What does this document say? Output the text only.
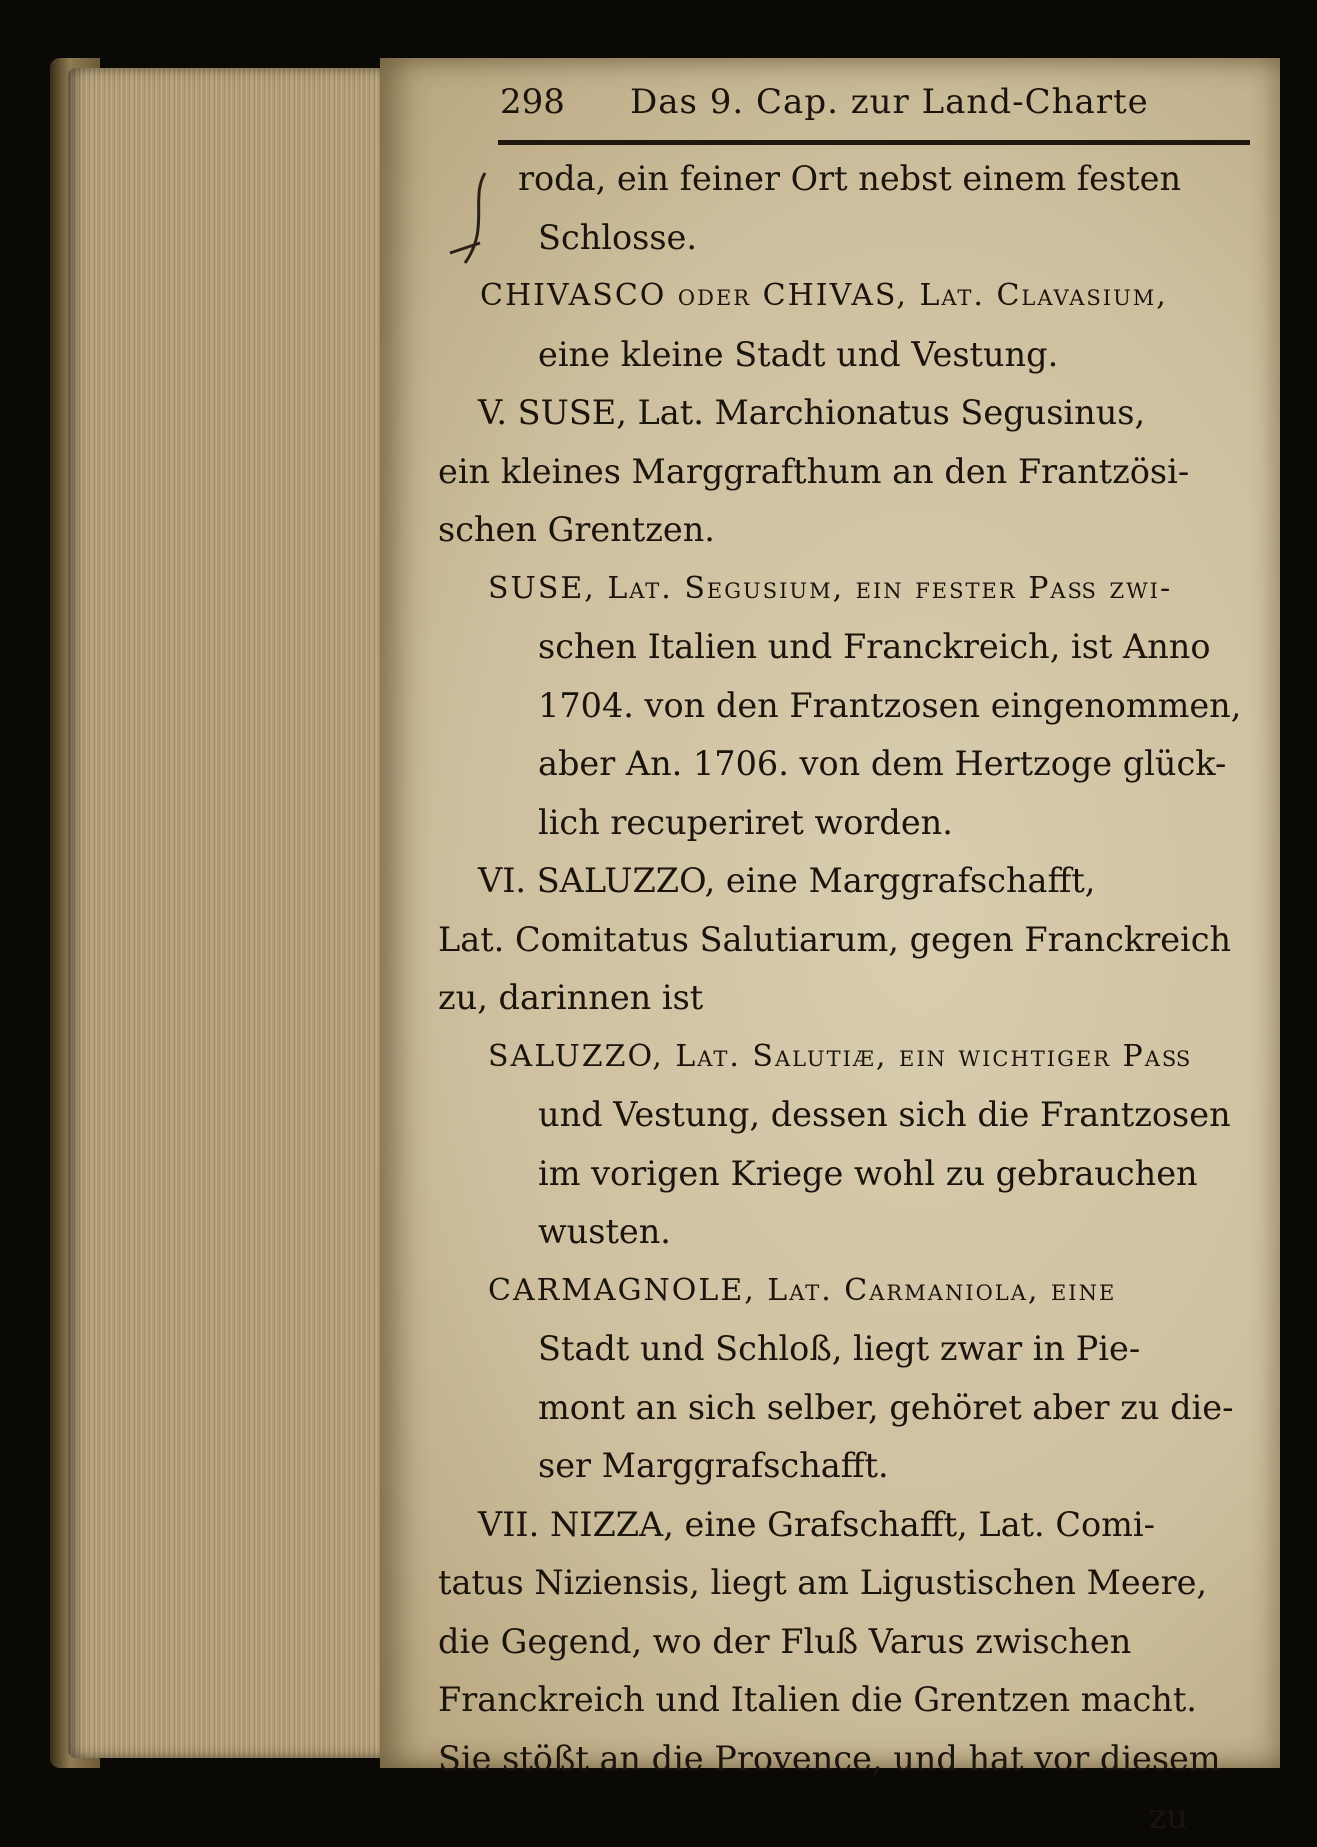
298 Das 9. Cap. zur Land-Charte
roda, ein feiner Ort nebst einem festen
Schlosse.
CHIVASCO oder CHIVAS, Lat. Clavasium,
eine kleine Stadt und Vestung.
V. SUSE, Lat. Marchionatus Segusinus,
ein kleines Marggrafthum an den Frantzösi-
schen Grentzen.
SUSE, Lat. Segusium, ein fester Paß zwi-
schen Italien und Franckreich, ist Anno
1704. von den Frantzosen eingenommen,
aber An. 1706. von dem Hertzoge glück-
lich recuperiret worden.
VI. SALUZZO, eine Marggrafschafft,
Lat. Comitatus Salutiarum, gegen Franckreich
zu, darinnen ist
SALUZZO, Lat. Salutiæ, ein wichtiger Paß
und Vestung, dessen sich die Frantzosen
im vorigen Kriege wohl zu gebrauchen
wusten.
CARMAGNOLE, Lat. Carmaniola, eine
Stadt und Schloß, liegt zwar in Pie-
mont an sich selber, gehöret aber zu die-
ser Marggrafschafft.
VII. NIZZA, eine Grafschafft, Lat. Comi-
tatus Niziensis, liegt am Ligustischen Meere,
die Gegend, wo der Fluß Varus zwischen
Franckreich und Italien die Grentzen macht.
Sie stößt an die Provence, und hat vor diesem
zu
